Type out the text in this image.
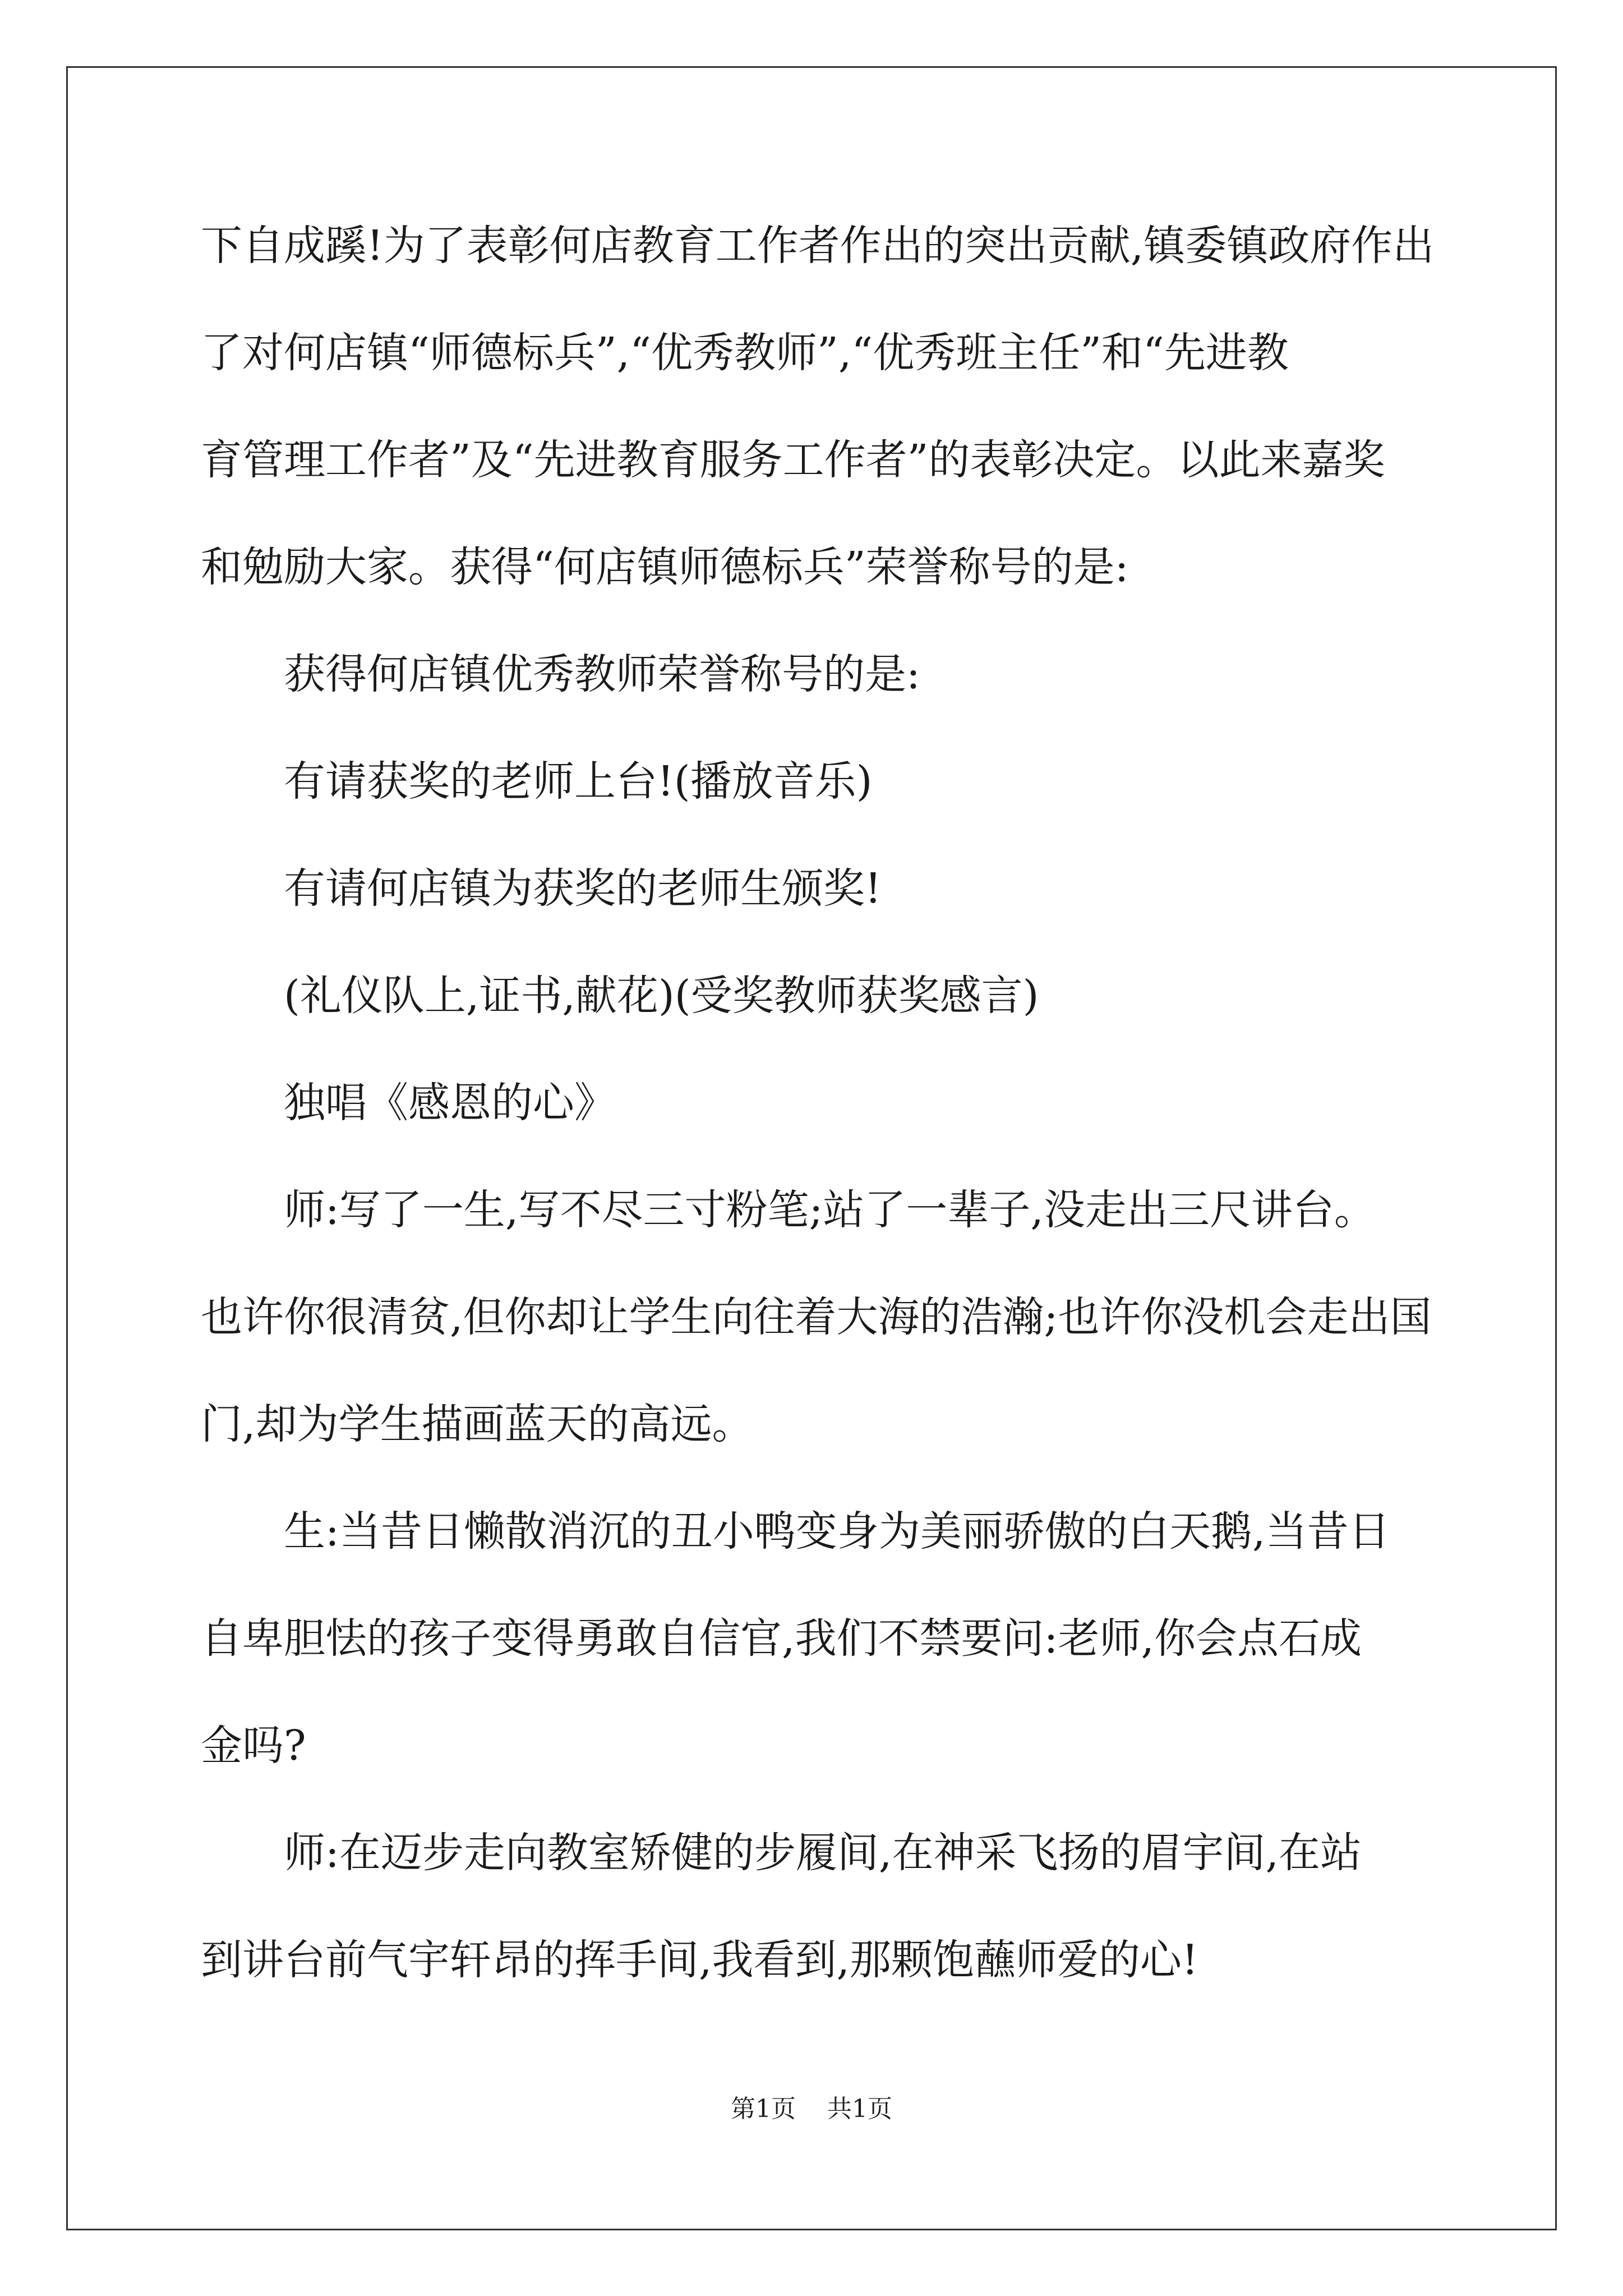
下自成蹊!为了表彰何店教育工作者作出的突出贡献,镇委镇政府作出
了对何店镇“师德标兵”,“优秀教师”,“优秀班主任”和“先进教
育管理工作者”及“先进教育服务工作者”的表彰决定。以此来嘉奖
和勉励大家。获得“何店镇师德标兵”荣誉称号的是:
获得何店镇优秀教师荣誉称号的是:
有请获奖的老师上台!(播放音乐)
有请何店镇为获奖的老师生颁奖!
(礼仪队上,证书,献花)(受奖教师获奖感言)
独唱《感恩的心》
师:写了一生,写不尽三寸粉笔;站了一辈子,没走出三尺讲台。
也许你很清贫,但你却让学生向往着大海的浩瀚;也许你没机会走出国
门,却为学生描画蓝天的高远。
生:当昔日懒散消沉的丑小鸭变身为美丽骄傲的白天鹅,当昔日
自卑胆怯的孩子变得勇敢自信官,我们不禁要问:老师,你会点石成
金吗?
师:在迈步走向教室矫健的步履间,在神采飞扬的眉宇间,在站
到讲台前气宇轩昂的挥手间,我看到,那颗饱蘸师爱的心!
第1页 共1页
